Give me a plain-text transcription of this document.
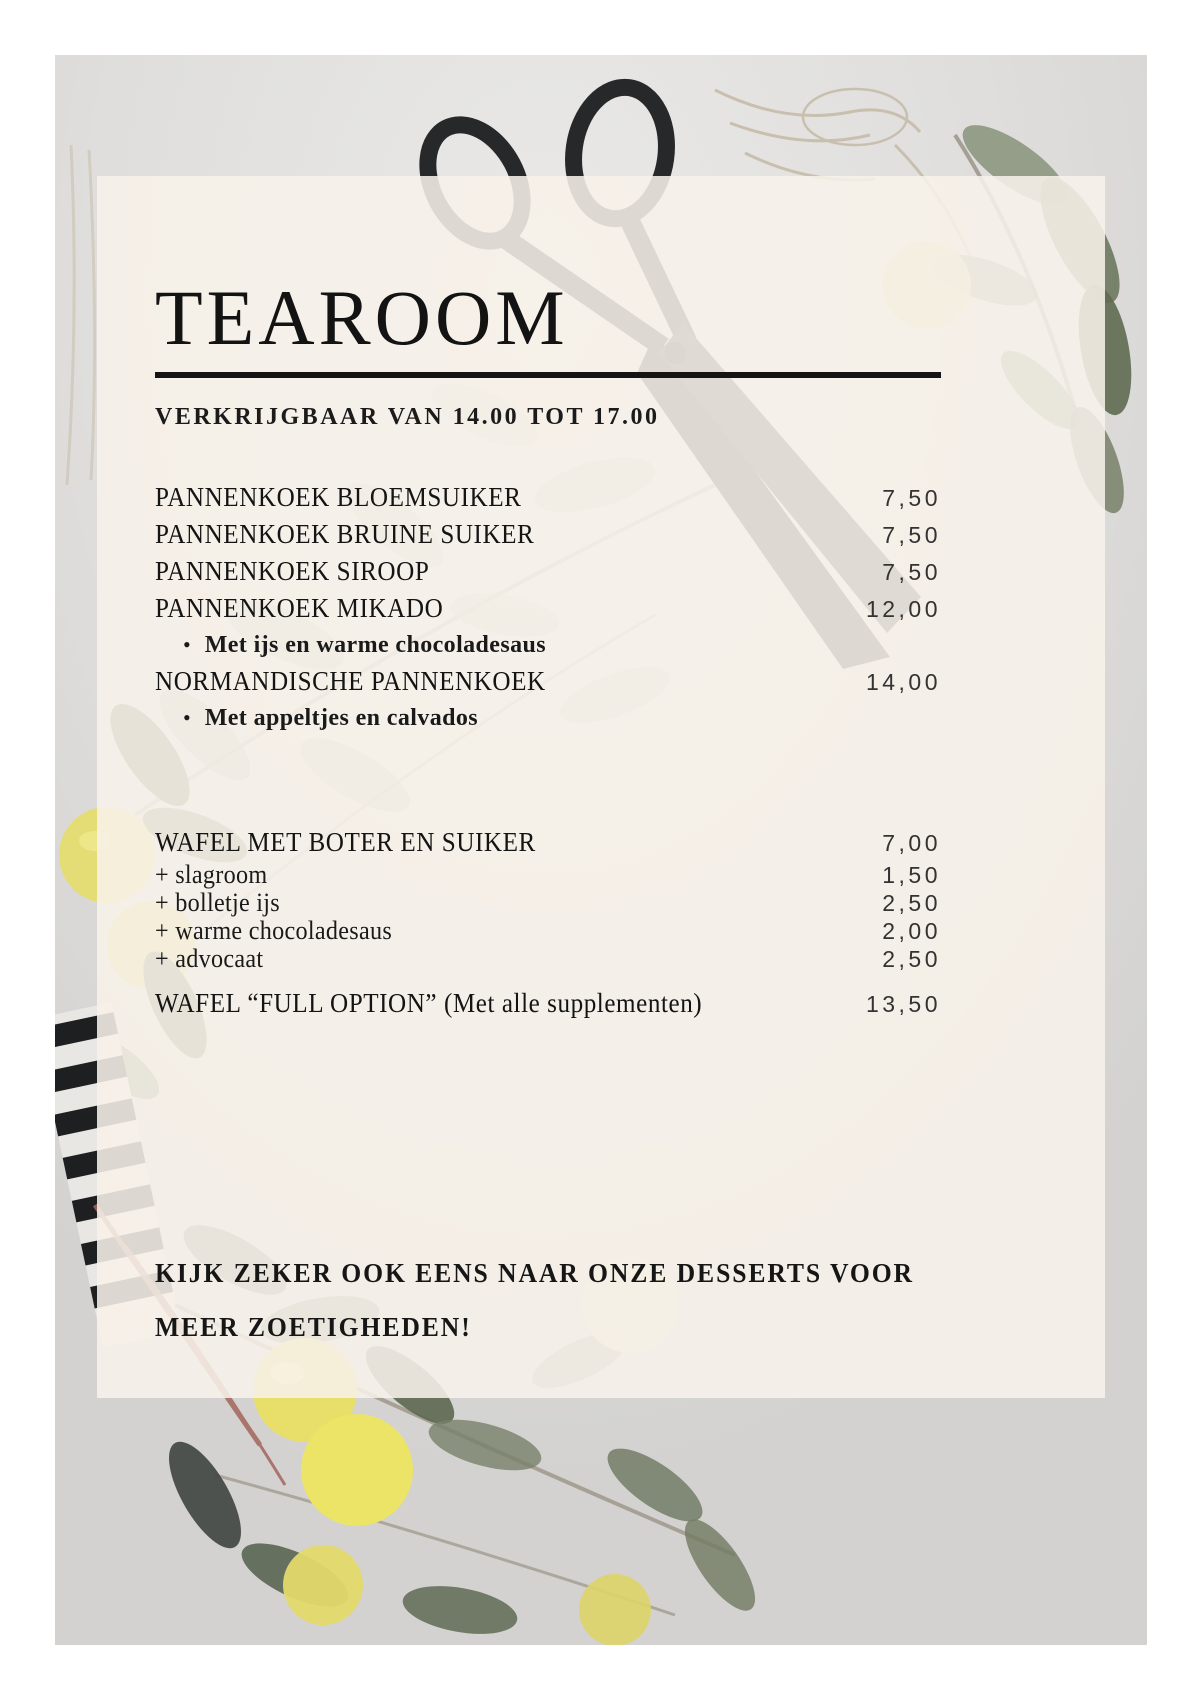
TEAROOM
VERKRIJGBAAR VAN 14.00 TOT 17.00
PANNENKOEK BLOEMSUIKER	7,50
PANNENKOEK BRUINE SUIKER	7,50
PANNENKOEK SIROOP	7,50
PANNENKOEK MIKADO	12,00
• Met ijs en warme chocoladesaus
NORMANDISCHE PANNENKOEK	14,00
• Met appeltjes en calvados
WAFEL MET BOTER EN SUIKER	7,00
+ slagroom	1,50
+ bolletje ijs	2,50
+ warme chocoladesaus	2,00
+ advocaat	2,50
WAFEL “FULL OPTION” (Met alle supplementen)	13,50
KIJK ZEKER OOK EENS NAAR ONZE DESSERTS VOOR MEER ZOETIGHEDEN!
